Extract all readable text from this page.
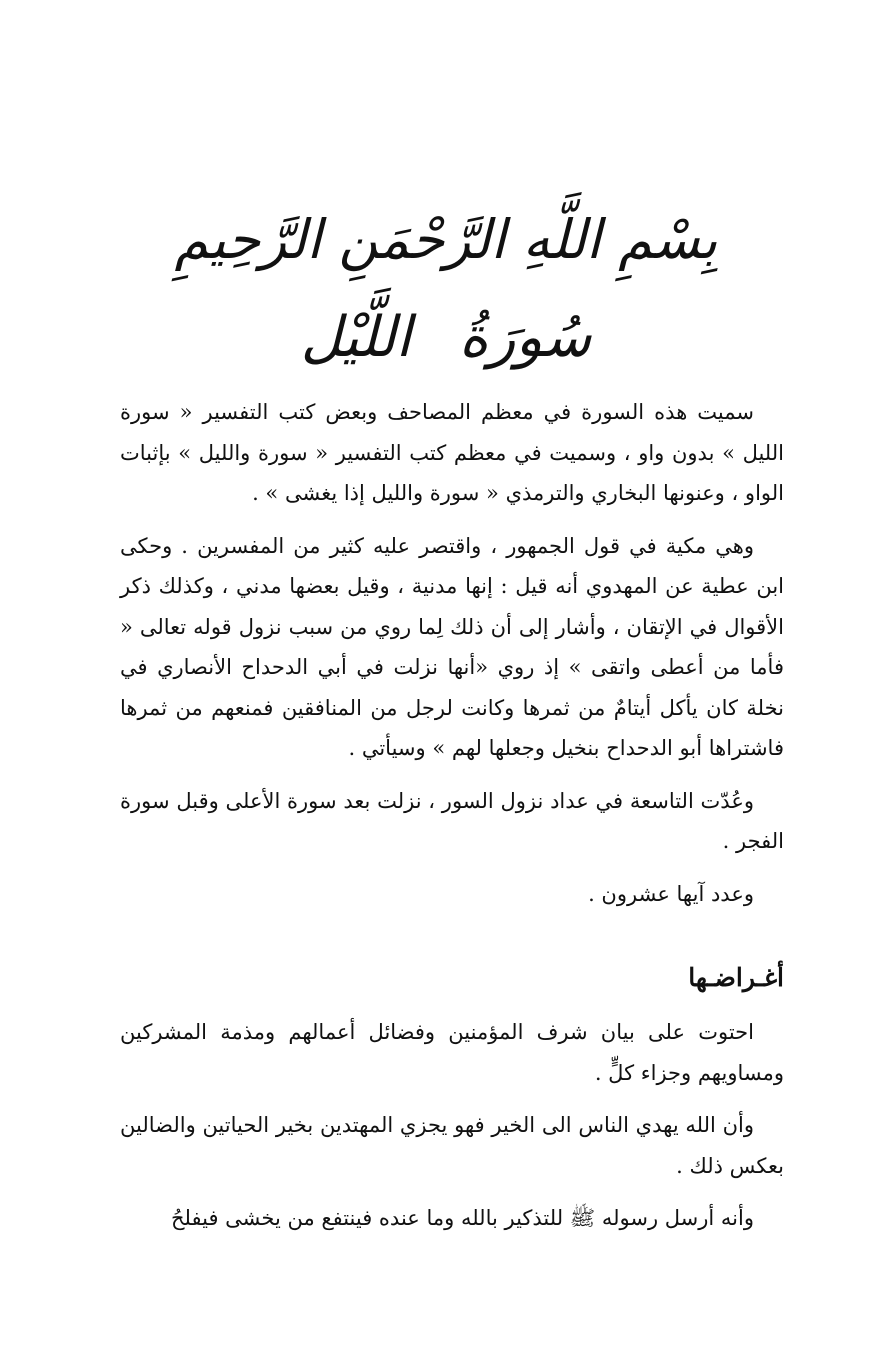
بِسْمِ اللَّهِ الرَّحْمَنِ الرَّحِيمِ
سُورَةُ اللَّيْل

سميت هذه السورة في معظم المصاحف وبعض كتب التفسير « سورة الليل » بدون واو ، وسميت في معظم كتب التفسير « سورة والليل » بإثبات الواو ، وعنونها البخاري والترمذي « سورة والليل إذا يغشى » .

وهي مكية في قول الجمهور ، واقتصر عليه كثير من المفسرين . وحكى ابن عطية عن المهدوي أنه قيل : إنها مدنية ، وقيل بعضها مدني ، وكذلك ذكر الأقوال في الإتقان ، وأشار إلى أن ذلك لِما روي من سبب نزول قوله تعالى « فأما من أعطى واتقى » إذ روي «أنها نزلت في أبي الدحداح الأنصاري في نخلة كان يأكل أيتامٌ من ثمرها وكانت لرجل من المنافقين فمنعهم من ثمرها فاشتراها أبو الدحداح بنخيل وجعلها لهم » وسيأتي .

وعُدّت التاسعة في عداد نزول السور ، نزلت بعد سورة الأعلى وقبل سورة الفجر .

وعدد آيها عشرون .

أغـراضـها

احتوت على بيان شرف المؤمنين وفضائل أعمالهم ومذمة المشركين ومساويهم وجزاء كلٍّ .

وأن الله يهدي الناس الى الخير فهو يجزي المهتدين بخير الحياتين والضالين بعكس ذلك .

وأنه أرسل رسوله ﷺ للتذكير بالله وما عنده فينتفع من يخشى فيفلحُ
